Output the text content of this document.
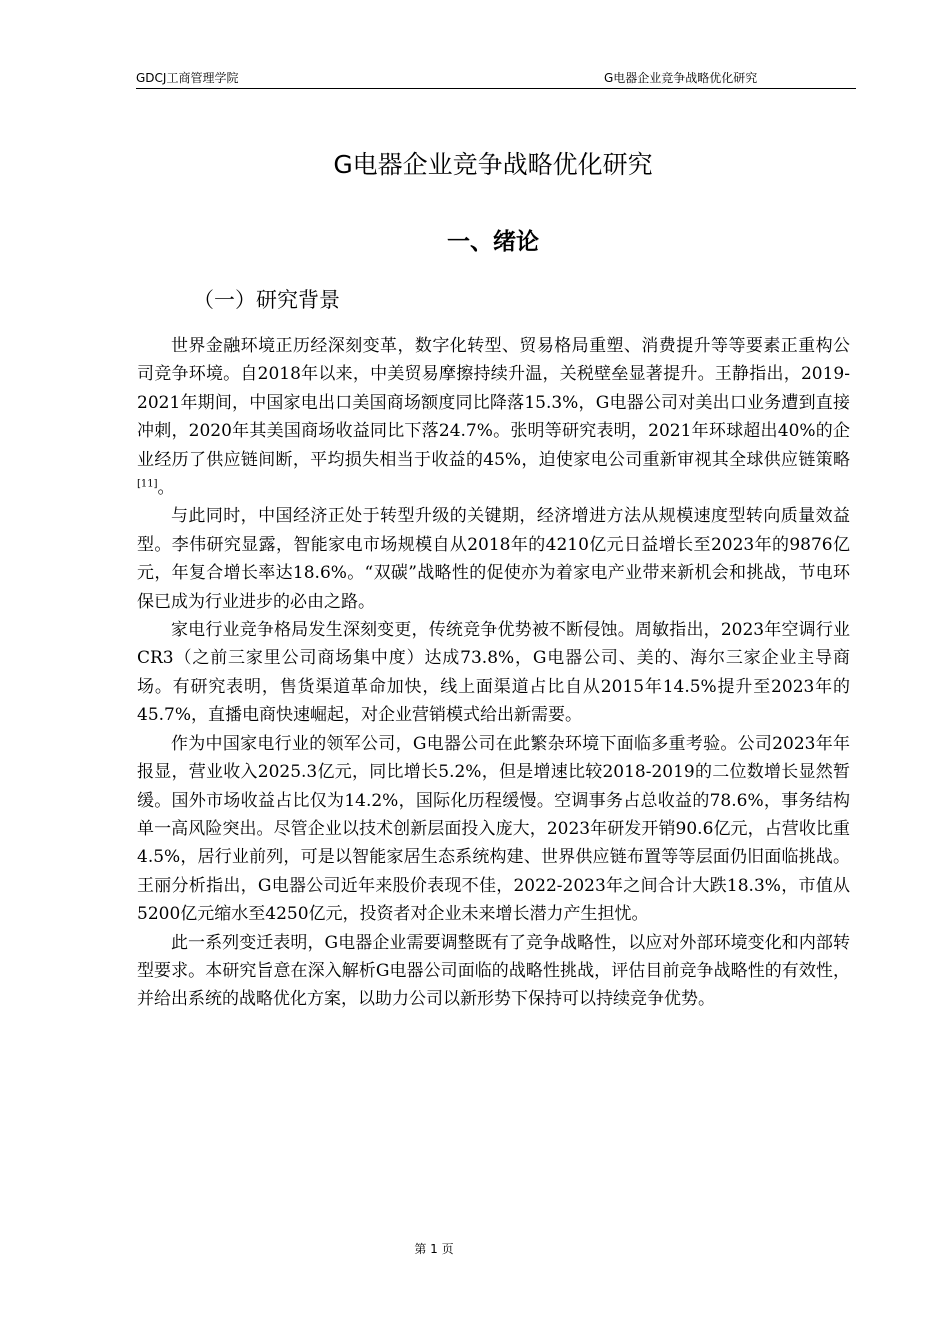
GDCJ工商管理学院	G电器企业竞争战略优化研究
G电器企业竞争战略优化研究
一、绪论
（一）研究背景

世界金融环境正历经深刻变革，数字化转型、贸易格局重塑、消费提升等等要素正重构公司竞争环境。自2018年以来，中美贸易摩擦持续升温，关税壁垒显著提升。王静指出，2019-2021年期间，中国家电出口美国商场额度同比降落15.3%，G电器公司对美出口业务遭到直接冲刺，2020年其美国商场收益同比下落24.7%。张明等研究表明，2021年环球超出40%的企业经历了供应链间断，平均损失相当于收益的45%，迫使家电公司重新审视其全球供应链策略[11]。

与此同时，中国经济正处于转型升级的关键期，经济增进方法从规模速度型转向质量效益型。李伟研究显露，智能家电市场规模自从2018年的4210亿元日益增长至2023年的9876亿元，年复合增长率达18.6%。“双碳”战略性的促使亦为着家电产业带来新机会和挑战，节电环保已成为行业进步的必由之路。

家电行业竞争格局发生深刻变更，传统竞争优势被不断侵蚀。周敏指出，2023年空调行业CR3（之前三家里公司商场集中度）达成73.8%，G电器公司、美的、海尔三家企业主导商场。有研究表明，售货渠道革命加快，线上面渠道占比自从2015年14.5%提升至2023年的45.7%，直播电商快速崛起，对企业营销模式给出新需要。

作为中国家电行业的领军公司，G电器公司在此繁杂环境下面临多重考验。公司2023年年报显，营业收入2025.3亿元，同比增长5.2%，但是增速比较2018-2019的二位数增长显然暂缓。国外市场收益占比仅为14.2%，国际化历程缓慢。空调事务占总收益的78.6%，事务结构单一高风险突出。尽管企业以技术创新层面投入庞大，2023年研发开销90.6亿元，占营收比重4.5%，居行业前列，可是以智能家居生态系统构建、世界供应链布置等等层面仍旧面临挑战。王丽分析指出，G电器公司近年来股价表现不佳，2022-2023年之间合计大跌18.3%，市值从5200亿元缩水至4250亿元，投资者对企业未来增长潜力产生担忧。

此一系列变迁表明，G电器企业需要调整既有了竞争战略性，以应对外部环境变化和内部转型要求。本研究旨意在深入解析G电器公司面临的战略性挑战，评估目前竞争战略性的有效性，并给出系统的战略优化方案，以助力公司以新形势下保持可以持续竞争优势。

第 1 页
